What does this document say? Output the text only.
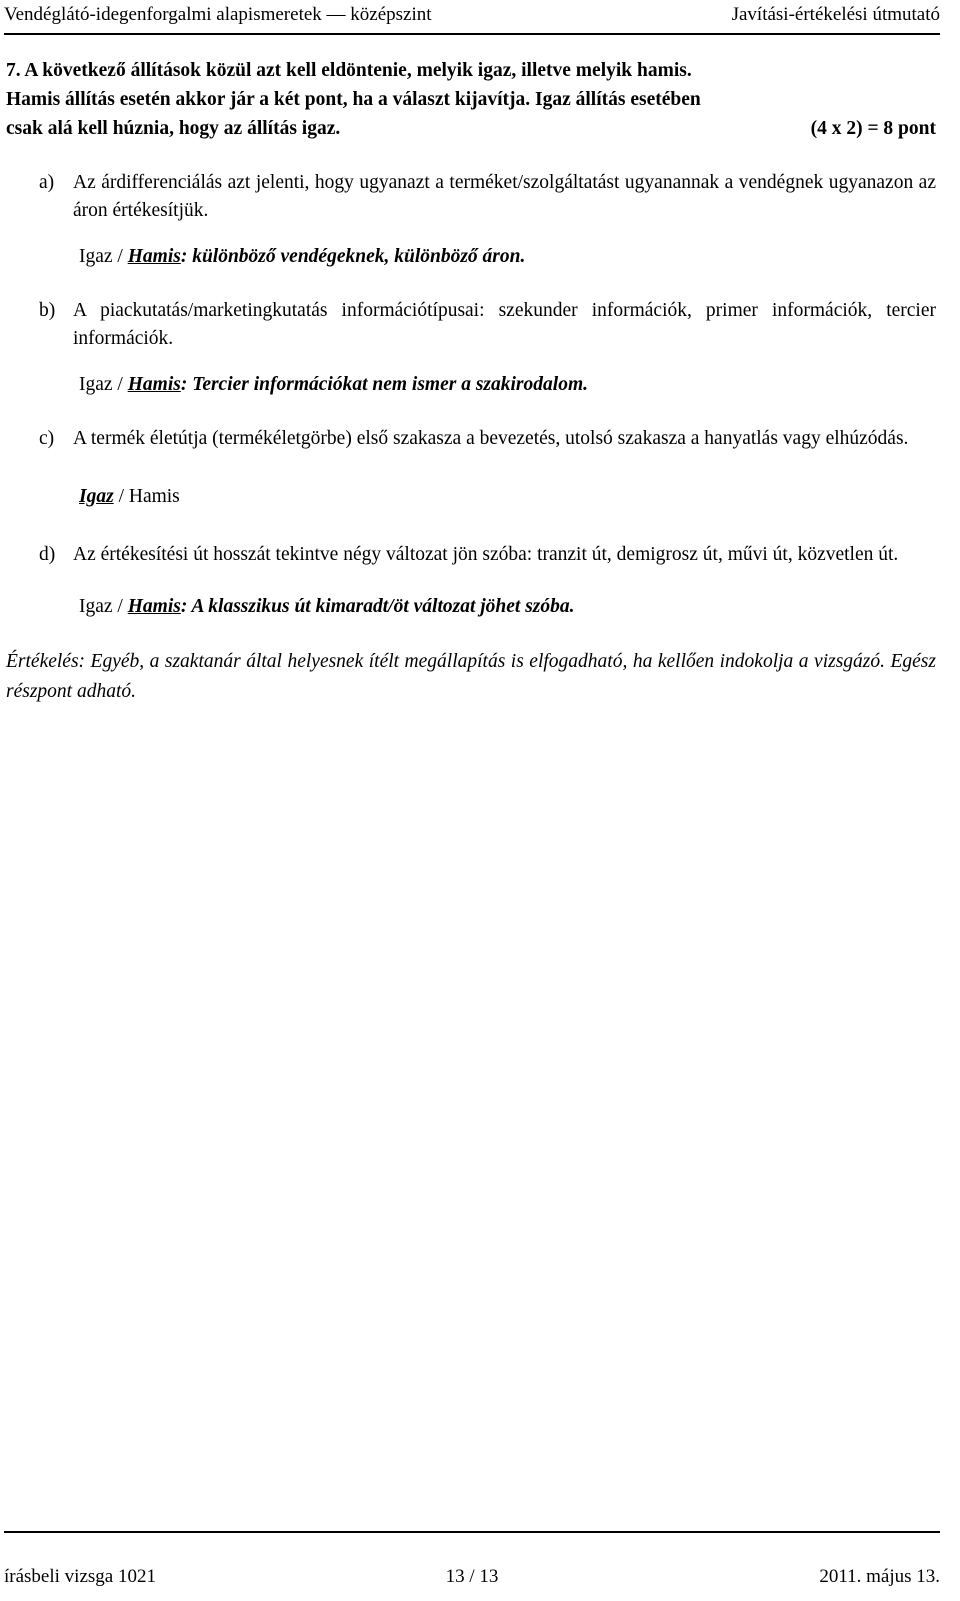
Vendéglátó-idegenforgalmi alapismeretek — középszint	Javítási-értékelési útmutató

7. A következő állítások közül azt kell eldöntenie, melyik igaz, illetve melyik hamis.

Hamis állítás esetén akkor jár a két pont, ha a választ kijavítja. Igaz állítás esetében

csak alá kell húznia, hogy az állítás igaz.	(4 x 2) = 8 pont

a) Az árdifferenciálás azt jelenti, hogy ugyanazt a terméket/szolgáltatást ugyanannak a vendégnek ugyanazon az áron értékesítjük.
Igaz / Hamis: különböző vendégeknek, különböző áron.
b) A piackutatás/marketingkutatás információtípusai: szekunder információk, primer információk, tercier információk.
Igaz / Hamis: Tercier információkat nem ismer a szakirodalom.
c) A termék életútja (termékéletgörbe) első szakasza a bevezetés, utolsó szakasza a hanyatlás vagy elhúzódás.
Igaz / Hamis
d) Az értékesítési út hosszát tekintve négy változat jön szóba: tranzit út, demigrosz út, művi út, közvetlen út.
Igaz / Hamis: A klasszikus út kimaradt/öt változat jöhet szóba.

Értékelés: Egyéb, a szaktanár által helyesnek ítélt megállapítás is elfogadható, ha kellően indokolja a vizsgázó. Egész részpont adható.

írásbeli vizsga 1021	13 / 13	2011. május 13.
